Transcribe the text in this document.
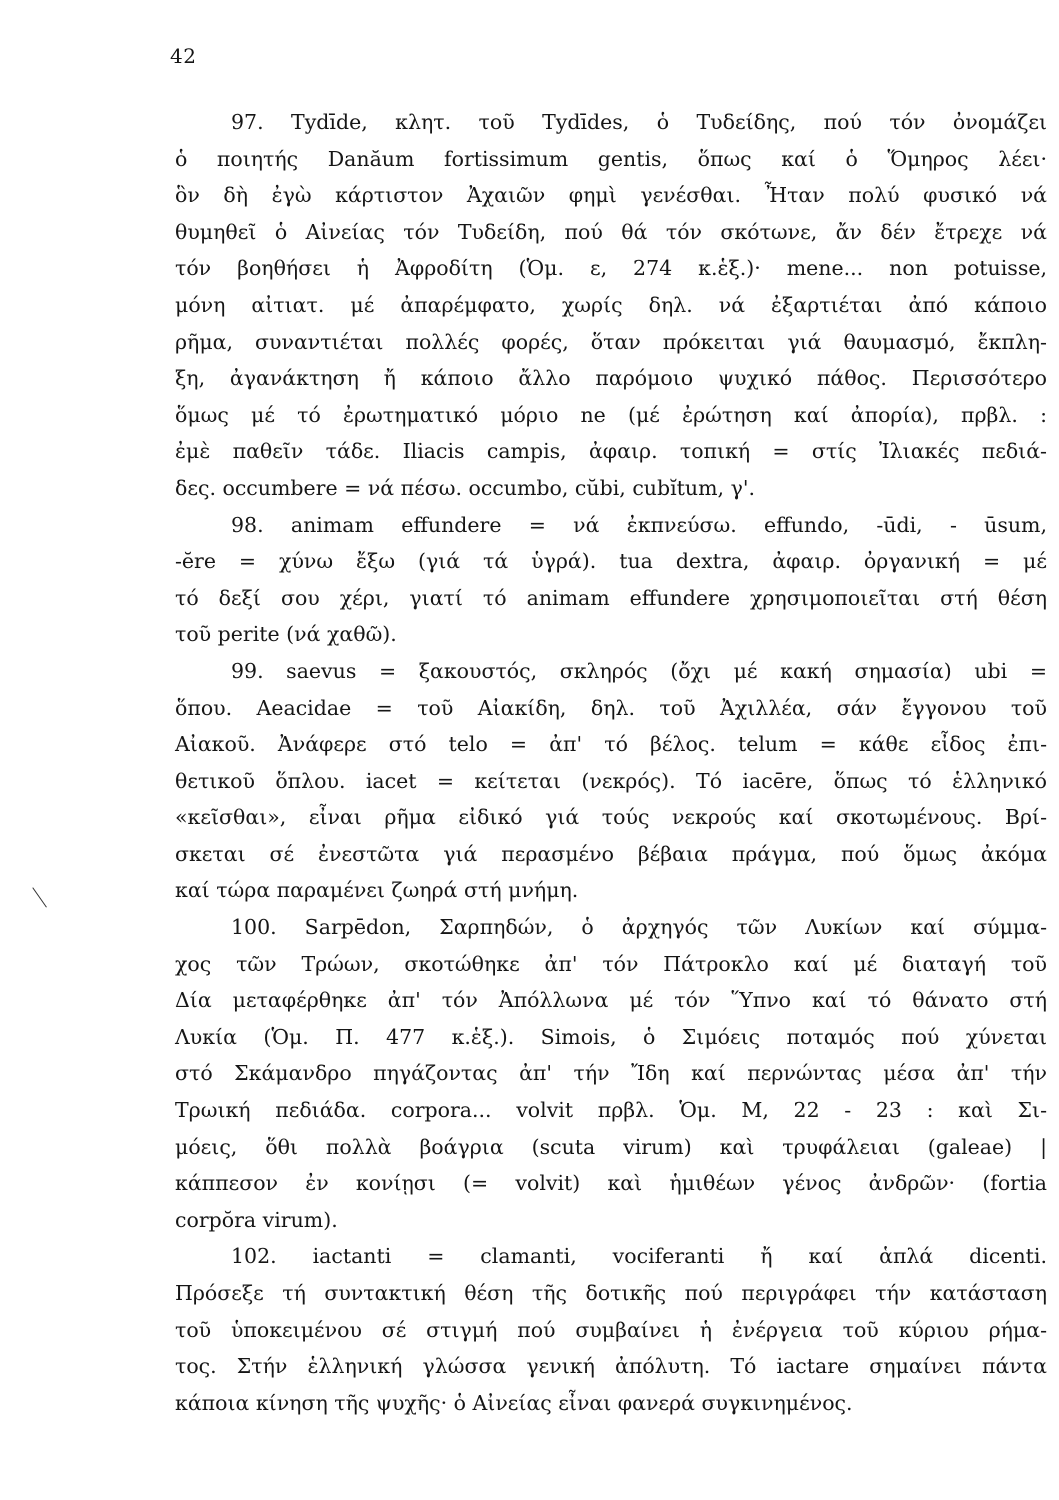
42
97. Tydīde, κλητ. τοῦ Tydīdes, ὁ Τυδείδης, πού τόν ὀνομάζει
ὁ ποιητής Danăum fortissimum gentis, ὅπως καί ὁ Ὅμηρος λέει·
ὃν δὴ ἐγὼ κάρτιστον Ἀχαιῶν φημὶ γενέσθαι. Ἦταν πολύ φυσικό νά
θυμηθεῖ ὁ Αἰνείας τόν Τυδείδη, πού θά τόν σκότωνε, ἄν δέν ἔτρεχε νά
τόν βοηθήσει ἡ Ἀφροδίτη (Ὁμ. ε, 274 κ.ἑξ.)· mene... non potuisse,
μόνη αἰτιατ. μέ ἀπαρέμφατο, χωρίς δηλ. νά ἐξαρτιέται ἀπό κάποιο
ρῆμα, συναντιέται πολλές φορές, ὅταν πρόκειται γιά θαυμασμό, ἔκπλη-
ξη, ἀγανάκτηση ἤ κάποιο ἄλλο παρόμοιο ψυχικό πάθος. Περισσότερο
ὅμως μέ τό ἐρωτηματικό μόριο ne (μέ ἐρώτηση καί ἀπορία), πρβλ. :
ἐμὲ παθεῖν τάδε. Iliacis campis, ἀφαιρ. τοπική = στίς Ἰλιακές πεδιά-
δες. occumbere = νά πέσω. occumbo, cŭbi, cubĭtum, γ'.
98. animam effundere = νά ἐκπνεύσω. effundo, -ūdi, - ūsum,
-ĕre = χύνω ἔξω (γιά τά ὑγρά). tua dextra, ἀφαιρ. ὀργανική = μέ
τό δεξί σου χέρι, γιατί τό animam effundere χρησιμοποιεῖται στή θέση
τοῦ perite (νά χαθῶ).
99. saevus = ξακουστός, σκληρός (ὄχι μέ κακή σημασία) ubi =
ὅπου. Aeacidae = τοῦ Αἰακίδη, δηλ. τοῦ Ἀχιλλέα, σάν ἔγγονου τοῦ
Αἰακοῦ. Ἀνάφερε στό telo = ἀπ' τό βέλος. telum = κάθε εἶδος ἐπι-
θετικοῦ ὅπλου. iacet = κείτεται (νεκρός). Τό iacēre, ὅπως τό ἑλληνικό
«κεῖσθαι», εἶναι ρῆμα εἰδικό γιά τούς νεκρούς καί σκοτωμένους. Βρί-
σκεται σέ ἐνεστῶτα γιά περασμένο βέβαια πράγμα, πού ὅμως ἀκόμα
καί τώρα παραμένει ζωηρά στή μνήμη.
100. Sarpēdon, Σαρπηδών, ὁ ἀρχηγός τῶν Λυκίων καί σύμμα-
χος τῶν Τρώων, σκοτώθηκε ἀπ' τόν Πάτροκλο καί μέ διαταγή τοῦ
Δία μεταφέρθηκε ἀπ' τόν Ἀπόλλωνα μέ τόν Ὕπνο καί τό θάνατο στή
Λυκία (Ὁμ. Π. 477 κ.ἑξ.). Simois, ὁ Σιμόεις ποταμός πού χύνεται
στό Σκάμανδρο πηγάζοντας ἀπ' τήν Ἴδη καί περνώντας μέσα ἀπ' τήν
Τρωική πεδιάδα. corpora... volvit πρβλ. Ὁμ. Μ, 22 - 23 : καὶ Σι-
μόεις, ὅθι πολλὰ βοάγρια (scuta virum) καὶ τρυφάλειαι (galeae) |
κάππεσον ἐν κονίῃσι (= volvit) καὶ ἡμιθέων γένος ἀνδρῶν· (fortia
corpŏra virum).
102. iactanti = clamanti, vociferanti ἤ καί ἁπλά dicenti.
Πρόσεξε τή συντακτική θέση τῆς δοτικῆς πού περιγράφει τήν κατάσταση
τοῦ ὑποκειμένου σέ στιγμή πού συμβαίνει ἡ ἐνέργεια τοῦ κύριου ρήμα-
τος. Στήν ἑλληνική γλώσσα γενική ἀπόλυτη. Τό iactare σημαίνει πάντα
κάποια κίνηση τῆς ψυχῆς· ὁ Αἰνείας εἶναι φανερά συγκινημένος.
